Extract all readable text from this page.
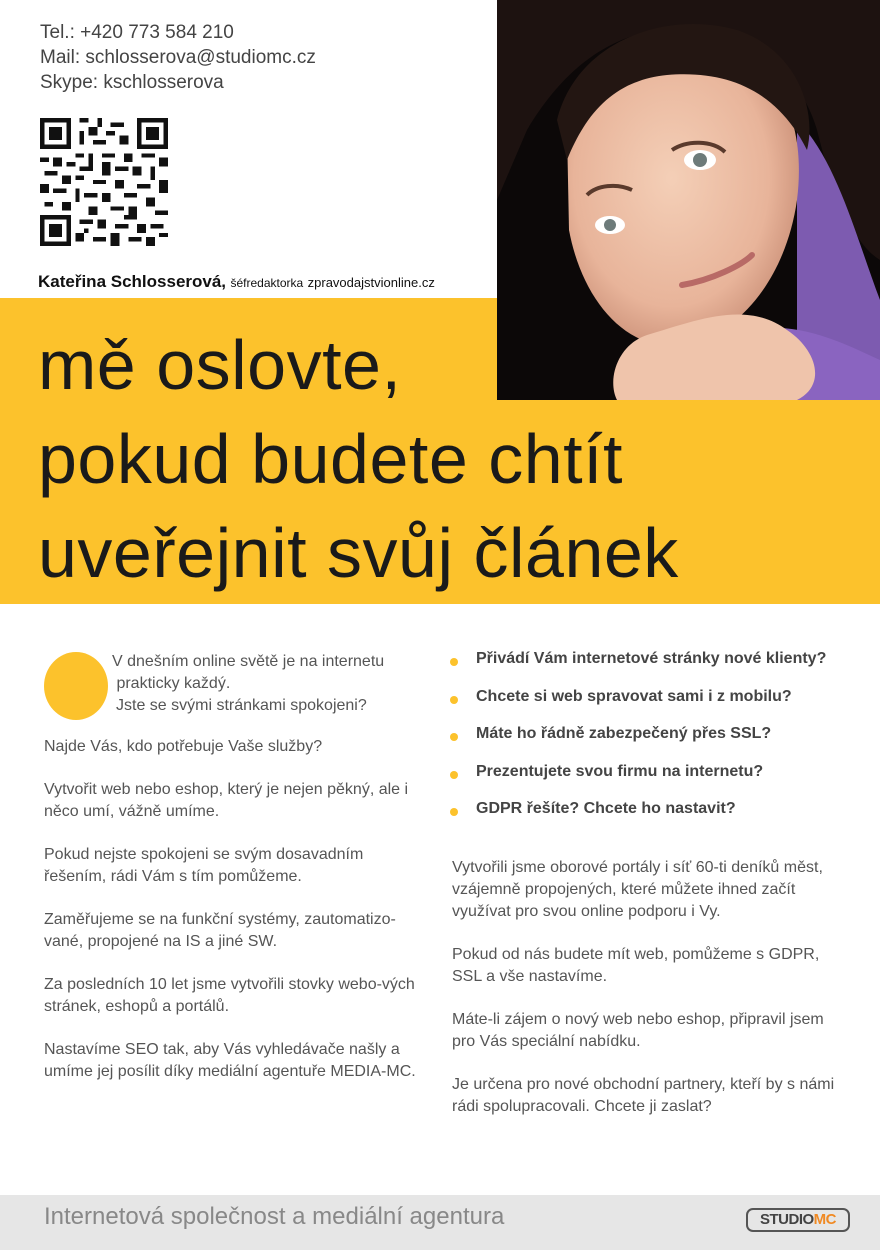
Tel.: +420 773 584 210
Mail: schlosserova@studiomc.cz
Skype: kschlosserova
Kateřina Schlosserová, šéfredaktorka zpravodajstvionline.cz
mě oslovte,
pokud budete chtít
uveřejnit svůj článek
V dnešním online světě je na internetu
prakticky každý.
Jste se svými stránkami spokojeni?

Najde Vás, kdo potřebuje Vaše služby?

Vytvořit web nebo eshop, který je nejen pěkný, ale i něco umí, vážně umíme.

Pokud nejste spokojeni se svým dosavadním řešením, rádi Vám s tím pomůžeme.

Zaměřujeme se na funkční systémy, zautomatizo-vané, propojené na IS a jiné SW.

Za posledních 10 let jsme vytvořili stovky webo-vých stránek, eshopů a portálů.

Nastavíme SEO tak, aby Vás vyhledávače našly a umíme jej posílit díky mediální agentuře MEDIA-MC.

Přivádí Vám internetové stránky nové klienty?
Chcete si web spravovat sami i z mobilu?
Máte ho řádně zabezpečený přes SSL?
Prezentujete svou firmu na internetu?
GDPR řešíte? Chcete ho nastavit?

Vytvořili jsme oborové portály i síť 60-ti deníků měst, vzájemně propojených, které můžete ihned začít využívat pro svou online podporu i Vy.

Pokud od nás budete mít web, pomůžeme s GDPR, SSL a vše nastavíme.

Máte-li zájem o nový web nebo eshop, připravil jsem pro Vás speciální nabídku.

Je určena pro nové obchodní partnery, kteří by s námi rádi spolupracovali. Chcete ji zaslat?

Internetová společnost a mediální agentura	STUDIOMC
